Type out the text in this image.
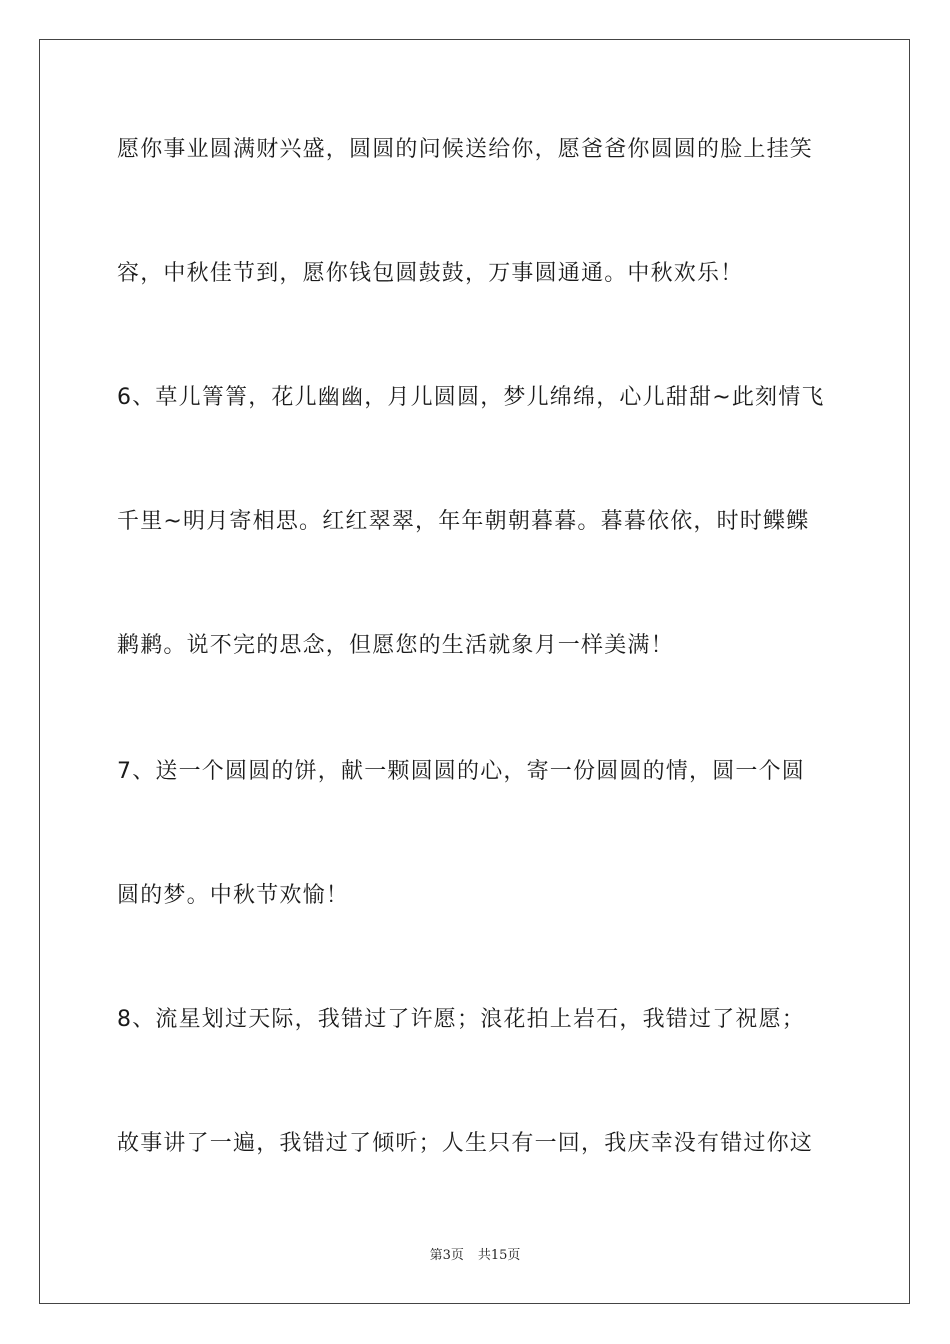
愿你事业圆满财兴盛，圆圆的问候送给你，愿爸爸你圆圆的脸上挂笑
容，中秋佳节到，愿你钱包圆鼓鼓，万事圆通通。中秋欢乐！
6、草儿箐箐，花儿幽幽，月儿圆圆，梦儿绵绵，心儿甜甜~此刻情飞
千里~明月寄相思。红红翠翠，年年朝朝暮暮。暮暮依依，时时鲽鲽
鹣鹣。说不完的思念，但愿您的生活就象月一样美满！
7、送一个圆圆的饼，献一颗圆圆的心，寄一份圆圆的情，圆一个圆
圆的梦。中秋节欢愉！
8、流星划过天际，我错过了许愿；浪花拍上岩石，我错过了祝愿；
故事讲了一遍，我错过了倾听；人生只有一回，我庆幸没有错过你这
第3页 共15页
